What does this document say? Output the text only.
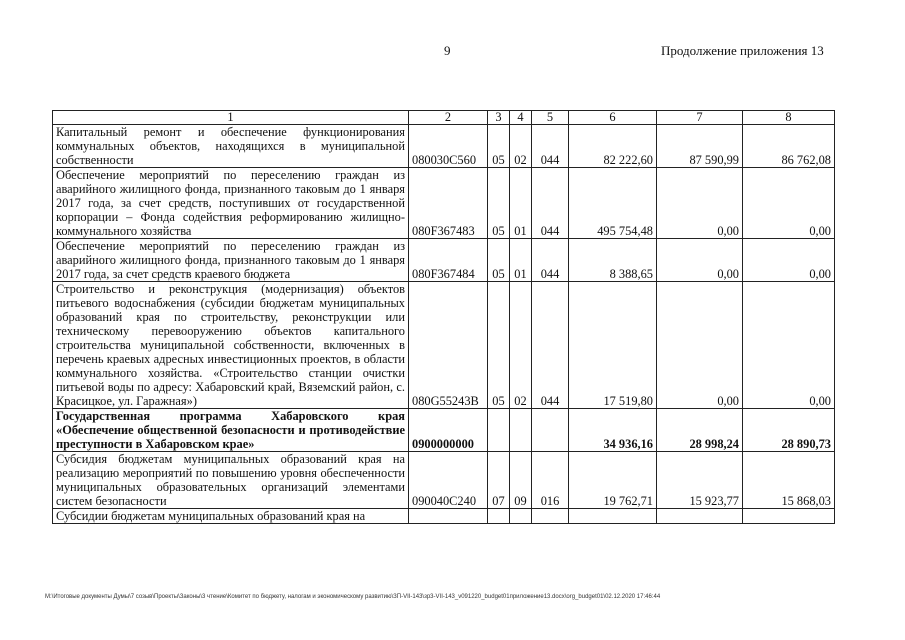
9	Продолжение приложения 13
1	2	3	4	5	6	7	8
Капитальный ремонт и обеспечение функционирования коммунальных объектов, находящихся в муниципальной собственности	080030С560	05	02	044	82 222,60	87 590,99	86 762,08
Обеспечение мероприятий по переселению граждан из аварийного жилищного фонда, признанного таковым до 1 января 2017 года, за счет средств, поступивших от государственной корпорации – Фонда содействия реформированию жилищно-коммунального хозяйства	080F367483	05	01	044	495 754,48	0,00	0,00
Обеспечение мероприятий по переселению граждан из аварийного жилищного фонда, признанного таковым до 1 января 2017 года, за счет средств краевого бюджета	080F367484	05	01	044	8 388,65	0,00	0,00
Строительство и реконструкция (модернизация) объектов питьевого водоснабжения (субсидии бюджетам муниципальных образований края по строительству, реконструкции или техническому перевооружению объектов капитального строительства муниципальной собственности, включенных в перечень краевых адресных инвестиционных проектов, в области коммунального хозяйства. «Строительство станции очистки питьевой воды по адресу: Хабаровский край, Вяземский район, с. Красицкое, ул. Гаражная»)	080G55243В	05	02	044	17 519,80	0,00	0,00
Государственная программа Хабаровского края «Обеспечение общественной безопасности и противодействие преступности в Хабаровском крае»	0900000000				34 936,16	28 998,24	28 890,73
Субсидия бюджетам муниципальных образований края на реализацию мероприятий по повышению уровня обеспеченности муниципальных образовательных организаций элементами систем безопасности	090040С240	07	09	016	19 762,71	15 923,77	15 868,03
Субсидии бюджетам муниципальных образований края на							
M:\Итоговые документы Думы\7 созыв\Проекты\Законы\3 чтение\Комитет по бюджету, налогам и экономическому развитию\ЗП-VII-143\зр3-VII-143_v091220_budget01приложение13.docx\org_budget01\02.12.2020 17:46:44
